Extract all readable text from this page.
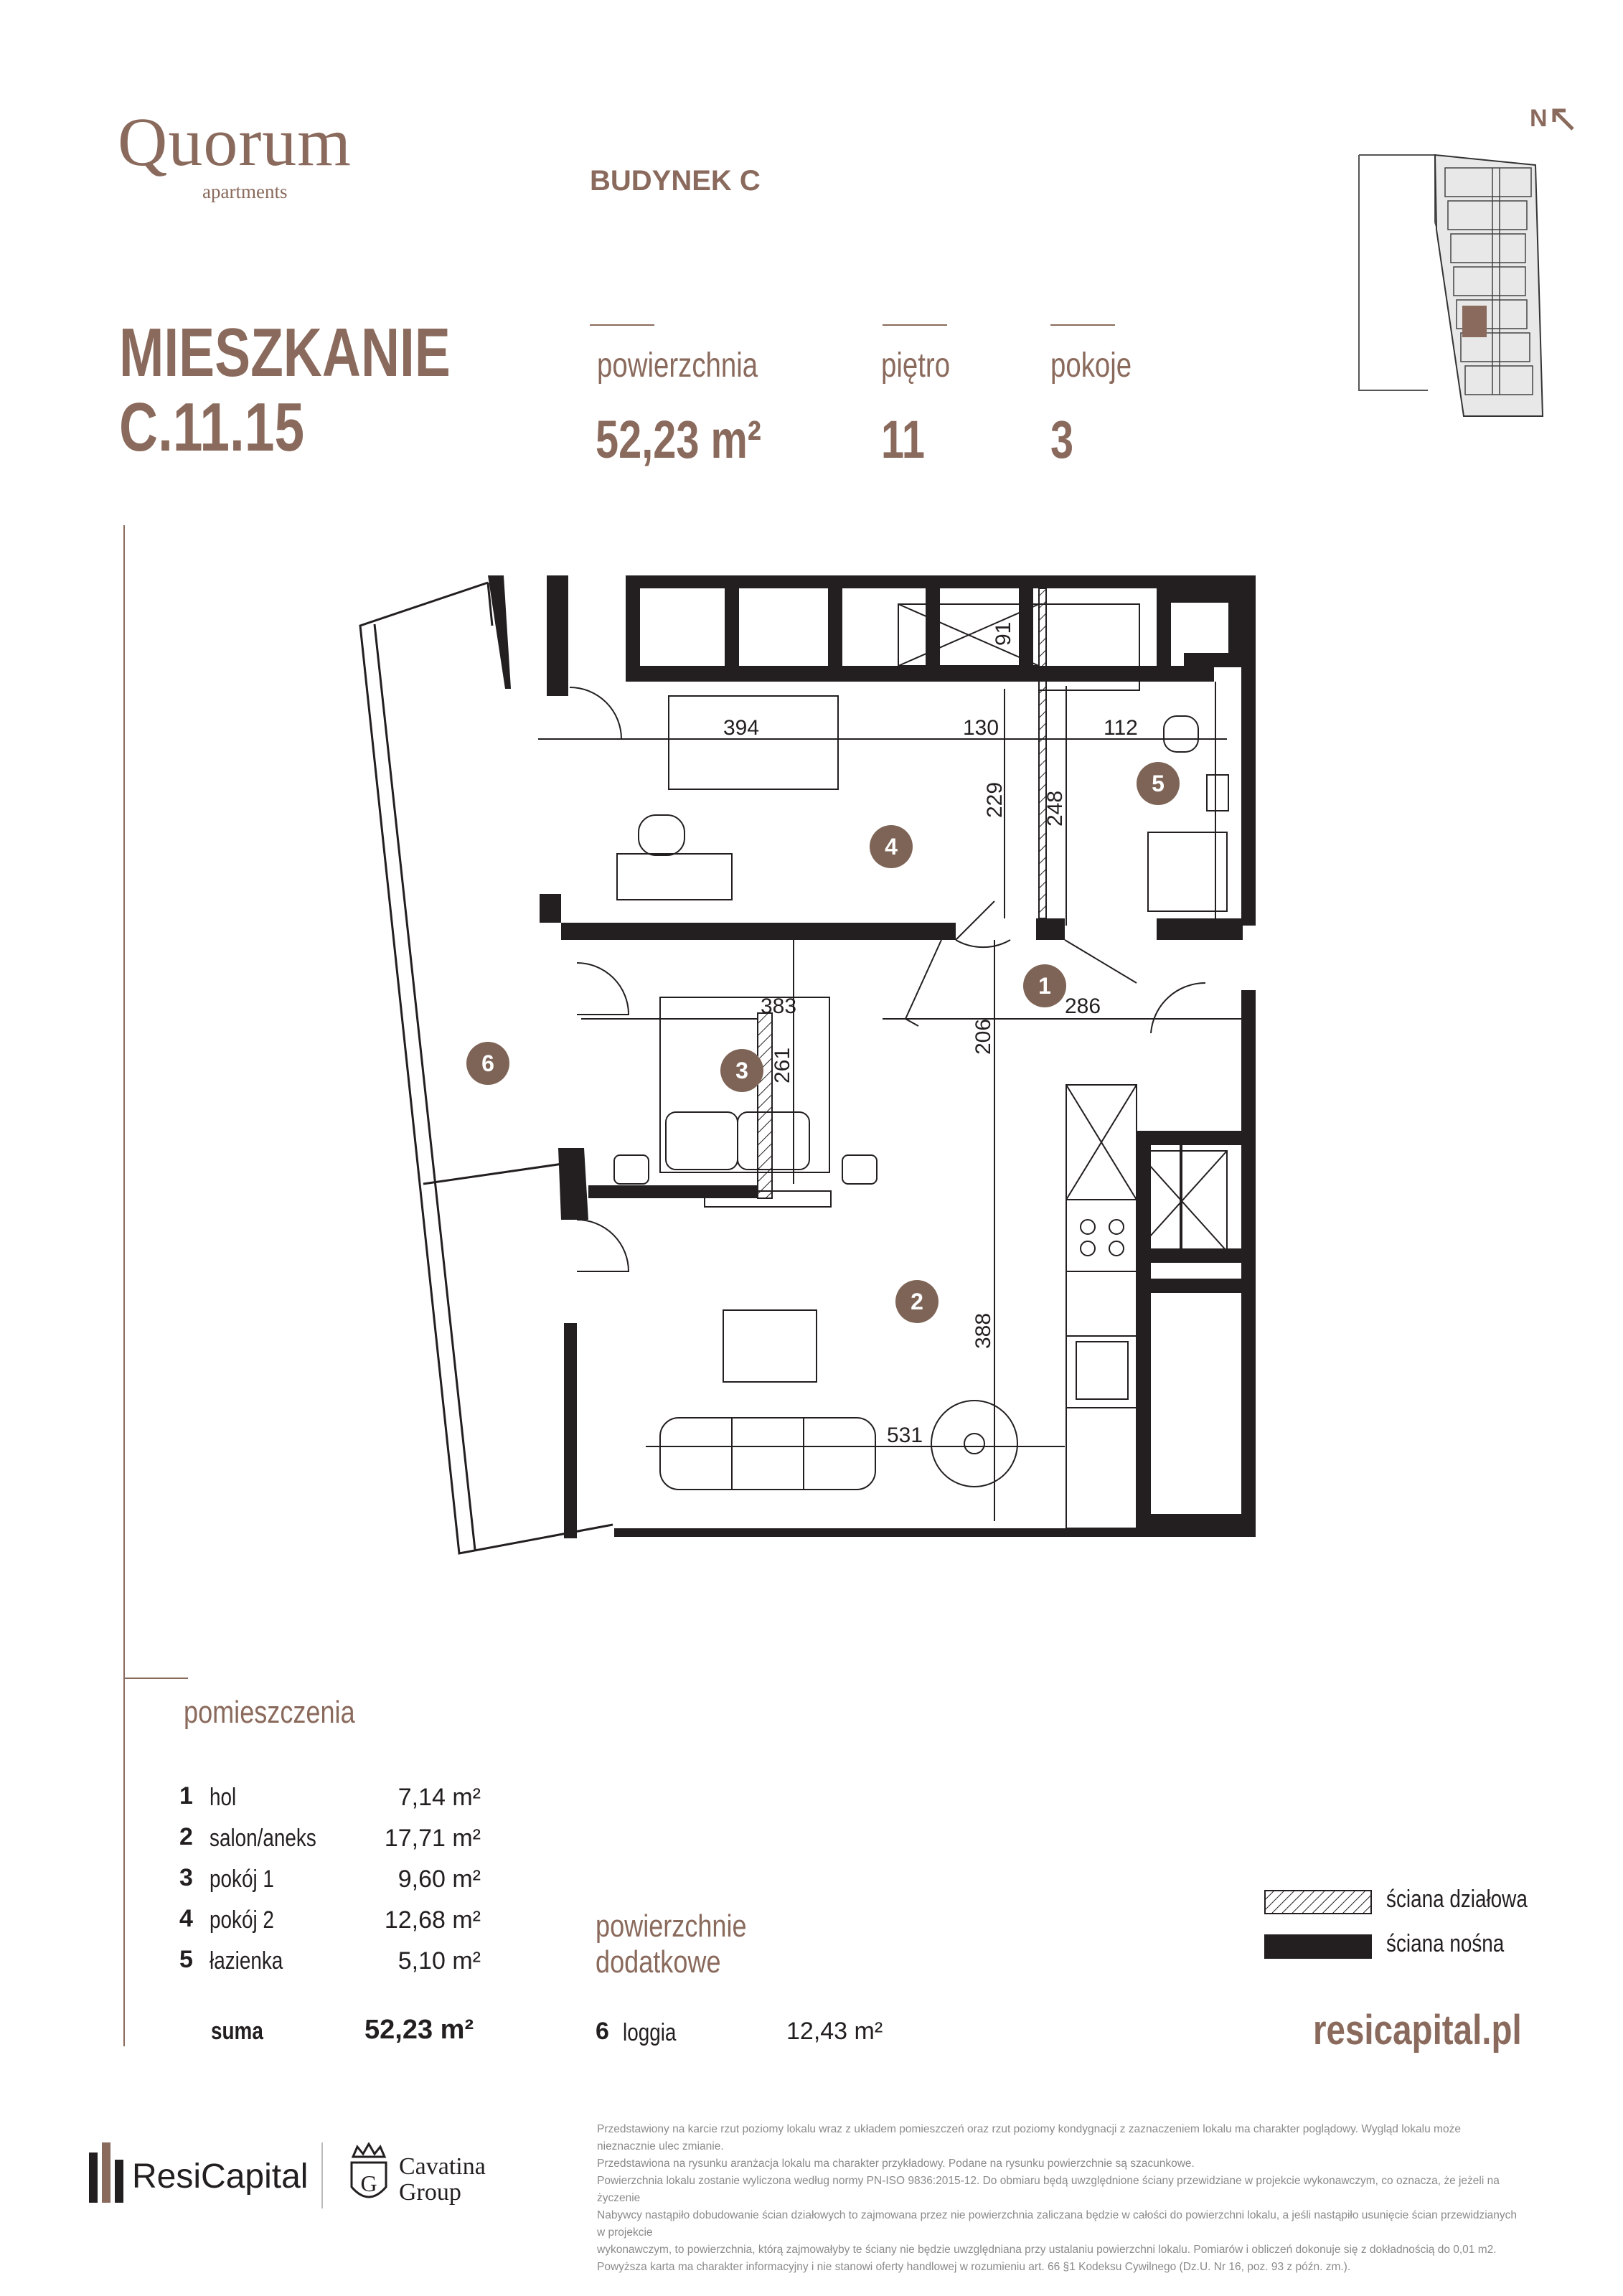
Quorum
apartments	BUDYNEK C
MIESZKANIE
C.11.15
powierzchnia
52,23 m²
piętro
11
pokoje
3
N
130
394	112
91
229 248
383
261
206
286
388
531
1
2
3
4
5
6
pomieszczenia
1 hol	7,14 m²
2 salon/aneks	17,71 m²
3 pokój 1	9,60 m²
4 pokój 2	12,68 m²
5 łazienka	5,10 m²
suma	52,23 m²
powierzchnie
dodatkowe
6 loggia	12,43 m²
ściana działowa
ściana nośna
resicapital.pl
ResiCapital G
Cavatina
Group

Przedstawiony na karcie rzut poziomy lokalu wraz z układem pomieszczeń oraz rzut poziomy kondygnacji z zaznaczeniem lokalu ma charakter poglądowy. Wygląd lokalu może nieznacznie ulec zmianie.

Przedstawiona na rysunku aranżacja lokalu ma charakter przykładowy. Podane na rysunku powierzchnie są szacunkowe.

Powierzchnia lokalu zostanie wyliczona według normy PN-ISO 9836:2015-12. Do obmiaru będą uwzględnione ściany przewidziane w projekcie wykonawczym, co oznacza, że jeżeli na życzenie

Nabywcy nastąpiło dobudowanie ścian działowych to zajmowana przez nie powierzchnia zaliczana będzie w całości do powierzchni lokalu, a jeśli nastąpiło usunięcie ścian przewidzianych w projekcie

wykonawczym, to powierzchnia, którą zajmowałyby te ściany nie będzie uwzględniana przy ustalaniu powierzchni lokalu. Pomiarów i obliczeń dokonuje się z dokładnością do 0,01 m2.

Powyższa karta ma charakter informacyjny i nie stanowi oferty handlowej w rozumieniu art. 66 §1 Kodeksu Cywilnego (Dz.U. Nr 16, poz. 93 z późn. zm.).
